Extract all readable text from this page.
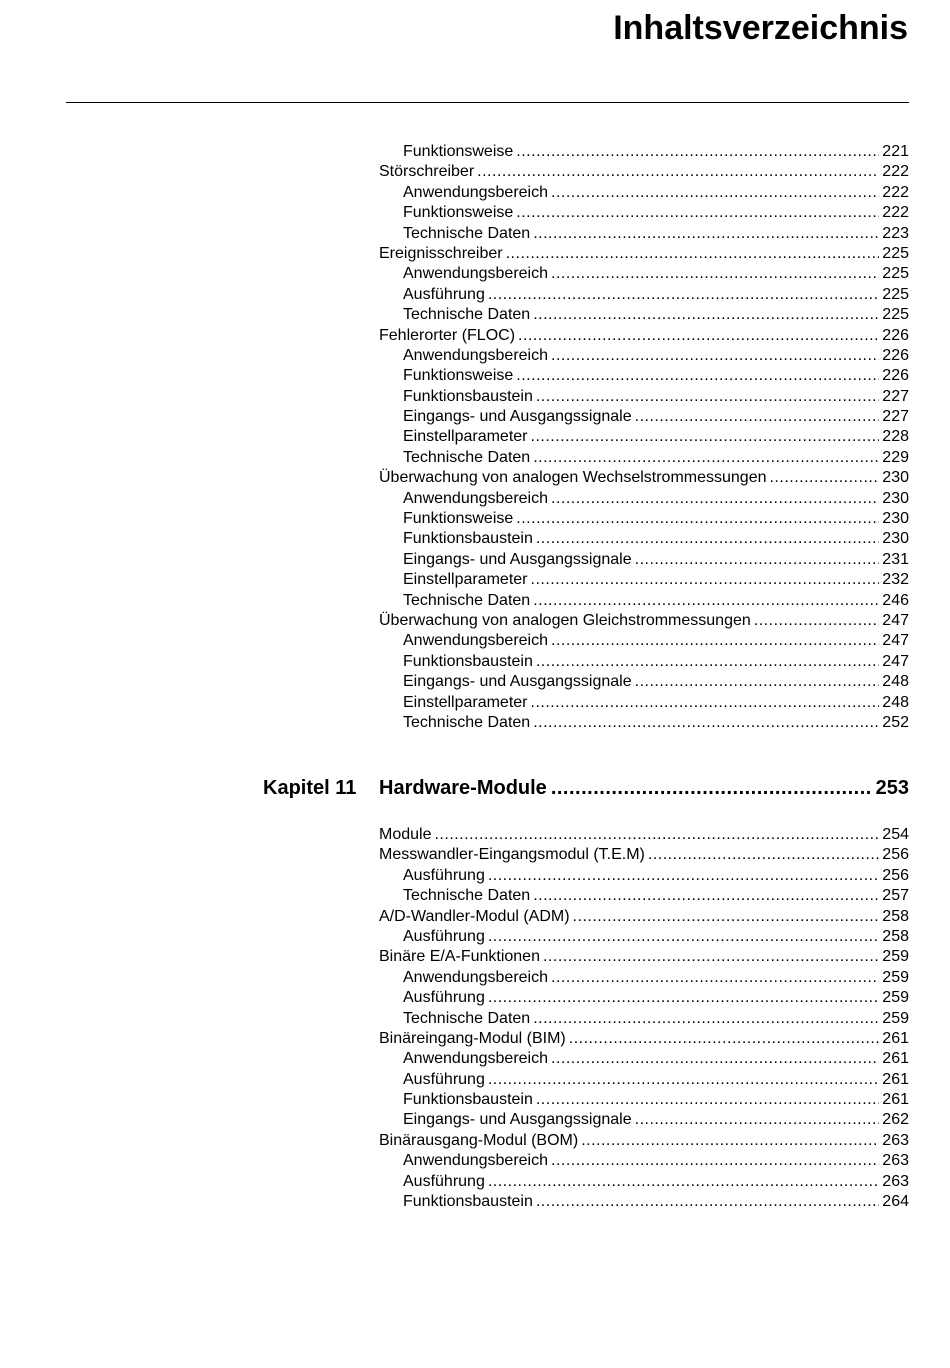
Inhaltsverzeichnis
Funktionsweise .....	221
Störschreiber .....	222
Anwendungsbereich .....	222
Funktionsweise .....	222
Technische Daten .....	223
Ereignisschreiber .....	225
Anwendungsbereich .....	225
Ausführung .....	225
Technische Daten .....	225
Fehlerorter (FLOC) .....	226
Anwendungsbereich .....	226
Funktionsweise .....	226
Funktionsbaustein .....	227
Eingangs- und Ausgangssignale .....	227
Einstellparameter .....	228
Technische Daten .....	229
Überwachung von analogen Wechselstrommessungen .....	230
Anwendungsbereich .....	230
Funktionsweise .....	230
Funktionsbaustein .....	230
Eingangs- und Ausgangssignale .....	231
Einstellparameter .....	232
Technische Daten .....	246
Überwachung von analogen Gleichstrommessungen .....	247
Anwendungsbereich .....	247
Funktionsbaustein .....	247
Eingangs- und Ausgangssignale .....	248
Einstellparameter .....	248
Technische Daten .....	252
Kapitel 11	Hardware-Module .....	253
Module .....	254
Messwandler-Eingangsmodul (T.E.M) .....	256
Ausführung .....	256
Technische Daten .....	257
A/D-Wandler-Modul (ADM) .....	258
Ausführung .....	258
Binäre E/A-Funktionen .....	259
Anwendungsbereich .....	259
Ausführung .....	259
Technische Daten .....	259
Binäreingang-Modul (BIM) .....	261
Anwendungsbereich .....	261
Ausführung .....	261
Funktionsbaustein .....	261
Eingangs- und Ausgangssignale .....	262
Binärausgang-Modul (BOM) .....	263
Anwendungsbereich .....	263
Ausführung .....	263
Funktionsbaustein .....	264
